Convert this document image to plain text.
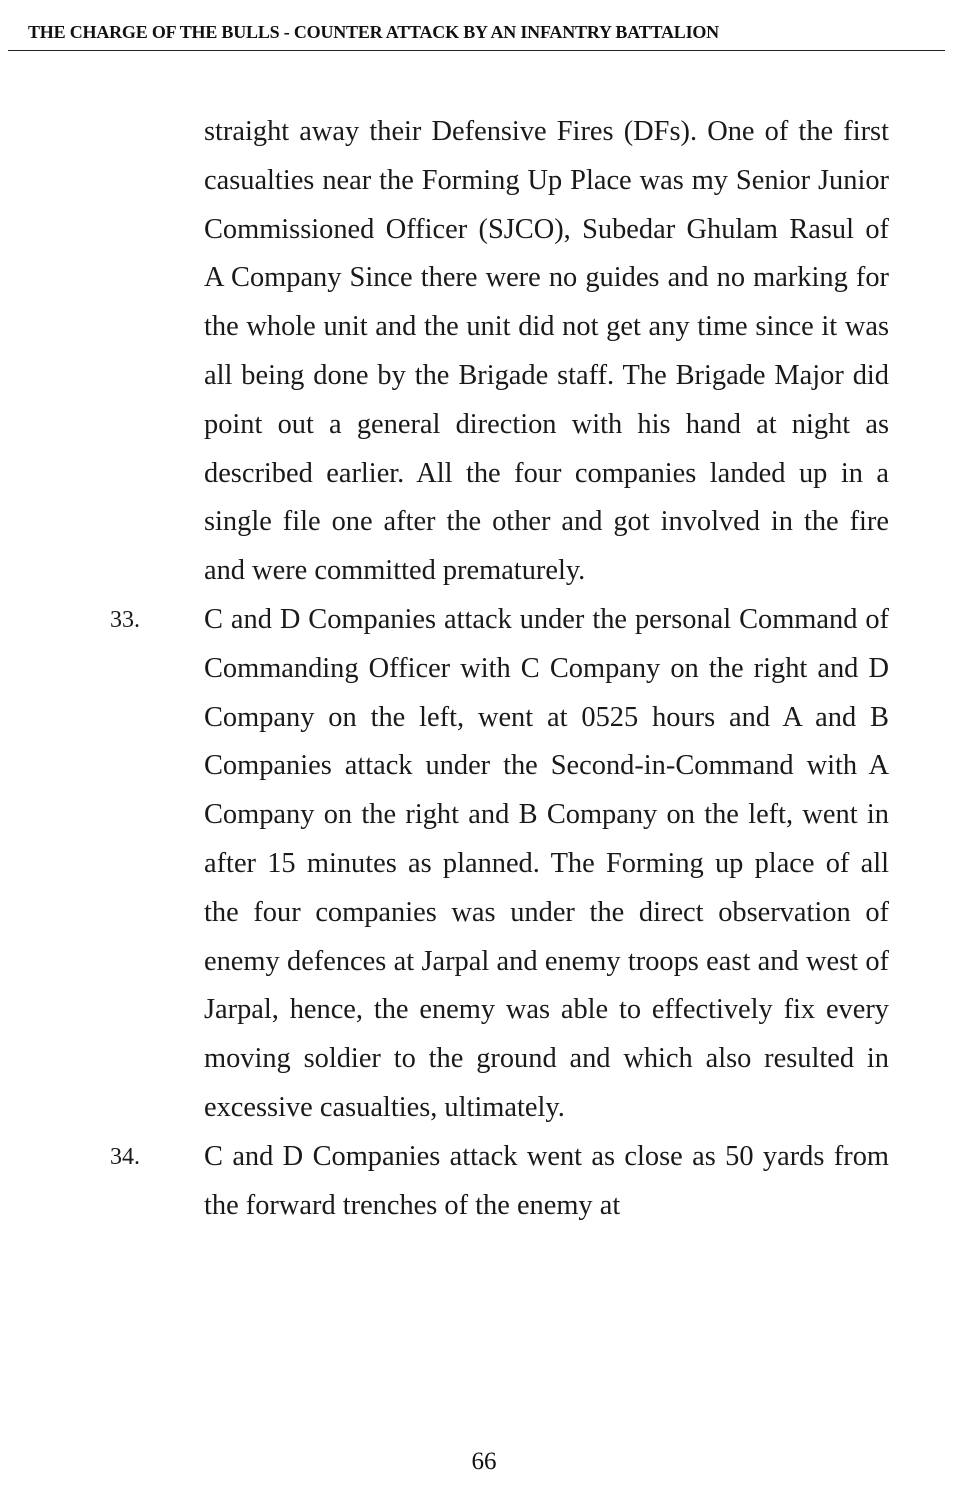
THE CHARGE OF THE BULLS - COUNTER ATTACK BY AN INFANTRY BATTALION
straight away their Defensive Fires (DFs). One of the first casualties near the Forming Up Place was my Senior Junior Commissioned Officer (SJCO), Subedar Ghulam Rasul of A Company Since there were no guides and no marking for the whole unit and the unit did not get any time since it was all being done by the Brigade staff. The Brigade Major did point out a general direction with his hand at night as described earlier. All the four companies landed up in a single file one after the other and got involved in the fire and were committed prematurely.
33. C and D Companies attack under the personal Command of Commanding Officer with C Company on the right and D Company on the left, went at 0525 hours and A and B Companies attack under the Second-in-Command with A Company on the right and B Company on the left, went in after 15 minutes as planned. The Forming up place of all the four companies was under the direct observation of enemy defences at Jarpal and enemy troops east and west of Jarpal, hence, the enemy was able to effectively fix every moving soldier to the ground and which also resulted in excessive casualties, ultimately.
34. C and D Companies attack went as close as 50 yards from the forward trenches of the enemy at
66
